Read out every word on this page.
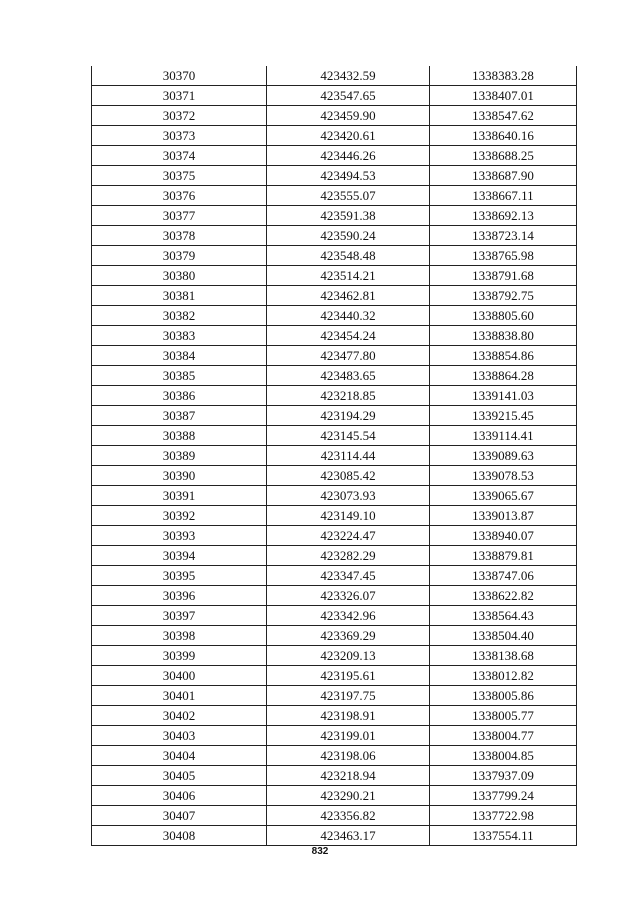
30370	423432.59	1338383.28
30371	423547.65	1338407.01
30372	423459.90	1338547.62
30373	423420.61	1338640.16
30374	423446.26	1338688.25
30375	423494.53	1338687.90
30376	423555.07	1338667.11
30377	423591.38	1338692.13
30378	423590.24	1338723.14
30379	423548.48	1338765.98
30380	423514.21	1338791.68
30381	423462.81	1338792.75
30382	423440.32	1338805.60
30383	423454.24	1338838.80
30384	423477.80	1338854.86
30385	423483.65	1338864.28
30386	423218.85	1339141.03
30387	423194.29	1339215.45
30388	423145.54	1339114.41
30389	423114.44	1339089.63
30390	423085.42	1339078.53
30391	423073.93	1339065.67
30392	423149.10	1339013.87
30393	423224.47	1338940.07
30394	423282.29	1338879.81
30395	423347.45	1338747.06
30396	423326.07	1338622.82
30397	423342.96	1338564.43
30398	423369.29	1338504.40
30399	423209.13	1338138.68
30400	423195.61	1338012.82
30401	423197.75	1338005.86
30402	423198.91	1338005.77
30403	423199.01	1338004.77
30404	423198.06	1338004.85
30405	423218.94	1337937.09
30406	423290.21	1337799.24
30407	423356.82	1337722.98
30408	423463.17	1337554.11
832
